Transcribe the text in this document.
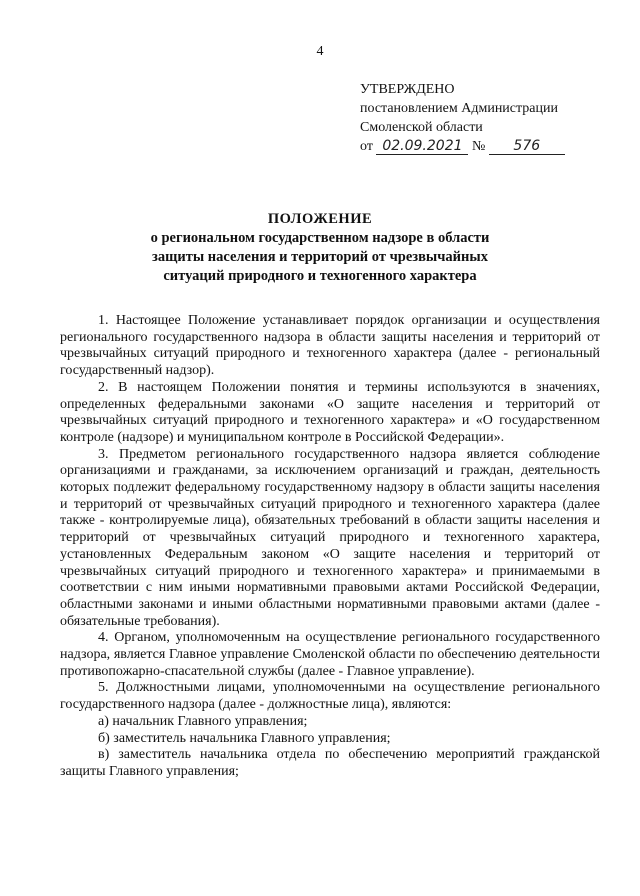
4
УТВЕРЖДЕНО
постановлением Администрации
Смоленской области
от 02.09.2021 № 576
ПОЛОЖЕНИЕ
о региональном государственном надзоре в области
защиты населения и территорий от чрезвычайных
ситуаций природного и техногенного характера

1. Настоящее Положение устанавливает порядок организации и осуществления регионального государственного надзора в области защиты населения и территорий от чрезвычайных ситуаций природного и техногенного характера (далее - региональный государственный надзор).

2. В настоящем Положении понятия и термины используются в значениях, определенных федеральными законами «О защите населения и территорий от чрезвычайных ситуаций природного и техногенного характера» и «О государственном контроле (надзоре) и муниципальном контроле в Российской Федерации».

3. Предметом регионального государственного надзора является соблюдение организациями и гражданами, за исключением организаций и граждан, деятельность которых подлежит федеральному государственному надзору в области защиты населения и территорий от чрезвычайных ситуаций природного и техногенного характера (далее также - контролируемые лица), обязательных требований в области защиты населения и территорий от чрезвычайных ситуаций природного и техногенного характера, установленных Федеральным законом «О защите населения и территорий от чрезвычайных ситуаций природного и техногенного характера» и принимаемыми в соответствии с ним иными нормативными правовыми актами Российской Федерации, областными законами и иными областными нормативными правовыми актами (далее - обязательные требования).

4. Органом, уполномоченным на осуществление регионального государственного надзора, является Главное управление Смоленской области по обеспечению деятельности противопожарно-спасательной службы (далее - Главное управление).

5. Должностными лицами, уполномоченными на осуществление регионального государственного надзора (далее - должностные лица), являются:

а) начальник Главного управления;

б) заместитель начальника Главного управления;

в) заместитель начальника отдела по обеспечению мероприятий гражданской защиты Главного управления;
